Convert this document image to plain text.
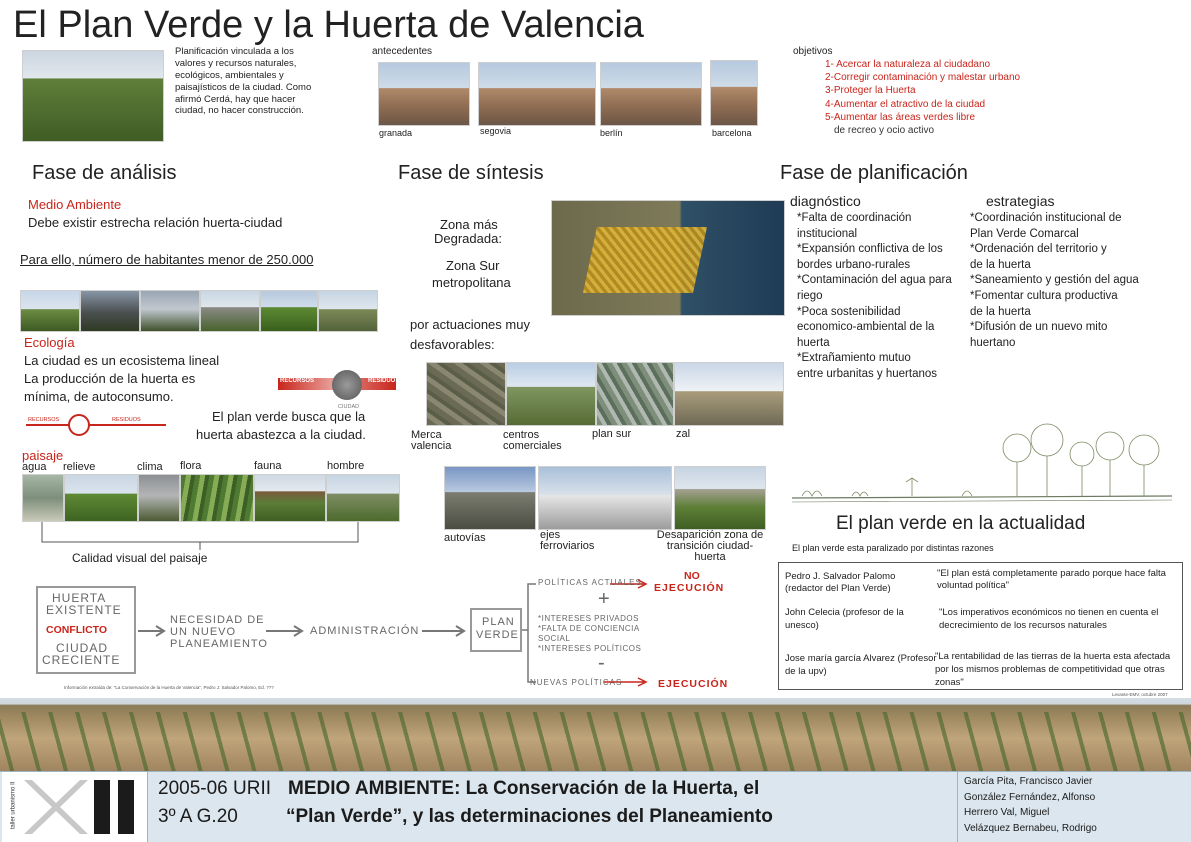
El Plan Verde y la Huerta de Valencia
Planificación vinculada a los valores y recursos naturales, ecológicos, ambientales y paisajísticos de la ciudad. Como afirmó Cerdá, hay que hacer ciudad, no hacer construcción.
antecedentes
granada	segovia	berlín	barcelona
objetivos
1- Acercar la naturaleza al ciudadano
2-Corregir contaminación y malestar urbano
3-Proteger la Huerta
4-Aumentar el atractivo de la ciudad
5-Aumentar las áreas verdes libre
de recreo y ocio activo
Fase de análisis	Fase de síntesis	Fase de planificación
Medio Ambiente
Debe existir estrecha relación huerta-ciudad
Para ello, número de habitantes menor de 250.000
Ecología
La ciudad es un ecosistema lineal
La producción de la huerta es
mínima, de autoconsumo.
RECURSOS	RESIDUOS
CIUDAD
RECURSOS	RESIDUOS	El plan verde busca que la
huerta abastezca a la ciudad.
paisaje
agua relieve	clima flora	fauna	hombre
Calidad visual del paisaje
Zona más
Degradada:
Zona Sur
metropolitana
por actuaciones muy
desfavorables:
Merca valencia
centros comerciales
plan sur	zal
autovías	ejes ferroviarios
Desaparición zona de transición ciudad-huerta
diagnóstico	estrategias
*Falta de coordinación
institucional
*Expansión conflictiva de los
bordes urbano-rurales
*Contaminación del agua para
riego
*Poca sostenibilidad
economico-ambiental de la
huerta
*Extrañamiento mutuo
entre urbanitas y huertanos
*Coordinación institucional de
Plan Verde Comarcal
*Ordenación del territorio y
de la huerta
*Saneamiento y gestión del agua
*Fomentar cultura productiva
de la huerta
*Difusión de un nuevo mito
huertano
El plan verde en la actualidad
El plan verde esta paralizado por distintas razones
Pedro J. Salvador Palomo (redactor del Plan Verde)
"El plan está completamente parado porque hace falta voluntad política"
John Celecia (profesor de la unesco)
"Los imperativos económicos no tienen en cuenta el decrecimiento de los recursos naturales
Jose maría garcía Alvarez (Profesor de la upv)
"La rentabilidad de las tierras de la huerta esta afectada por los mismos problemas de competitividad que otras zonas"
Levante-EMV, octubre 2007
HUERTA
EXISTENTE
CONFLICTO
CIUDAD
CRECIENTE
NECESIDAD DE
UN NUEVO
PLANEAMIENTO
ADMINISTRACIÓN
PLAN
VERDE
POLÍTICAS ACTUALES
+
*INTERESES PRIVADOS
*FALTA DE CONCIENCIA
SOCIAL
*INTERESES POLÍTICOS
-
NUEVAS POLÍTICAS
NO
EJECUCIÓN
EJECUCIÓN
Información extraída de: "La Conservación de la Huerta de Valencia", Pedro J. Salvador Palomo, Ed. ???
taller urbanismo II	2005-06 URII MEDIO AMBIENTE: La Conservación de la Huerta, el
3º A G.20	“Plan Verde”, y las determinaciones del Planeamiento
García Pita, Francisco Javier
González Fernández, Alfonso
Herrero Val, Miguel
Velázquez Bernabeu, Rodrigo
